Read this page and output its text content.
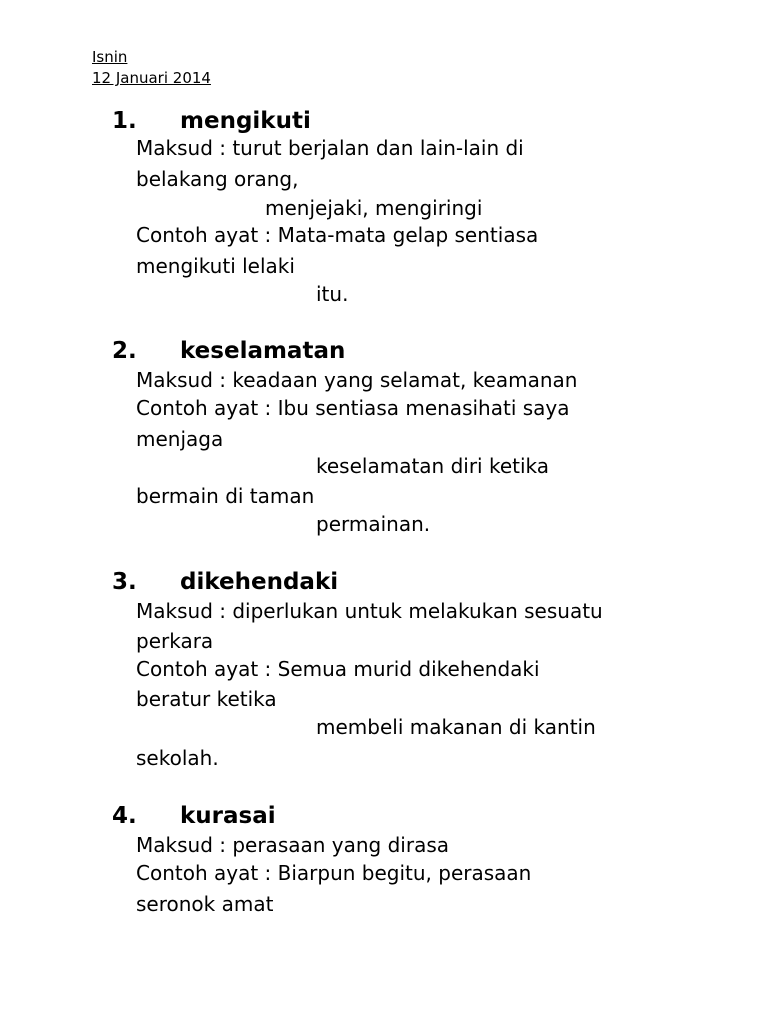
Isnin
12 Januari 2014
1. mengikuti
Maksud : turut berjalan dan lain-lain di
belakang orang,
menjejaki, mengiringi
Contoh ayat : Mata-mata gelap sentiasa
mengikuti lelaki
itu.
2. keselamatan
Maksud : keadaan yang selamat, keamanan
Contoh ayat : Ibu sentiasa menasihati saya
menjaga
keselamatan diri ketika
bermain di taman
permainan.
3. dikehendaki
Maksud : diperlukan untuk melakukan sesuatu
perkara
Contoh ayat : Semua murid dikehendaki
beratur ketika
membeli makanan di kantin
sekolah.
4. kurasai
Maksud : perasaan yang dirasa
Contoh ayat : Biarpun begitu, perasaan
seronok amat
